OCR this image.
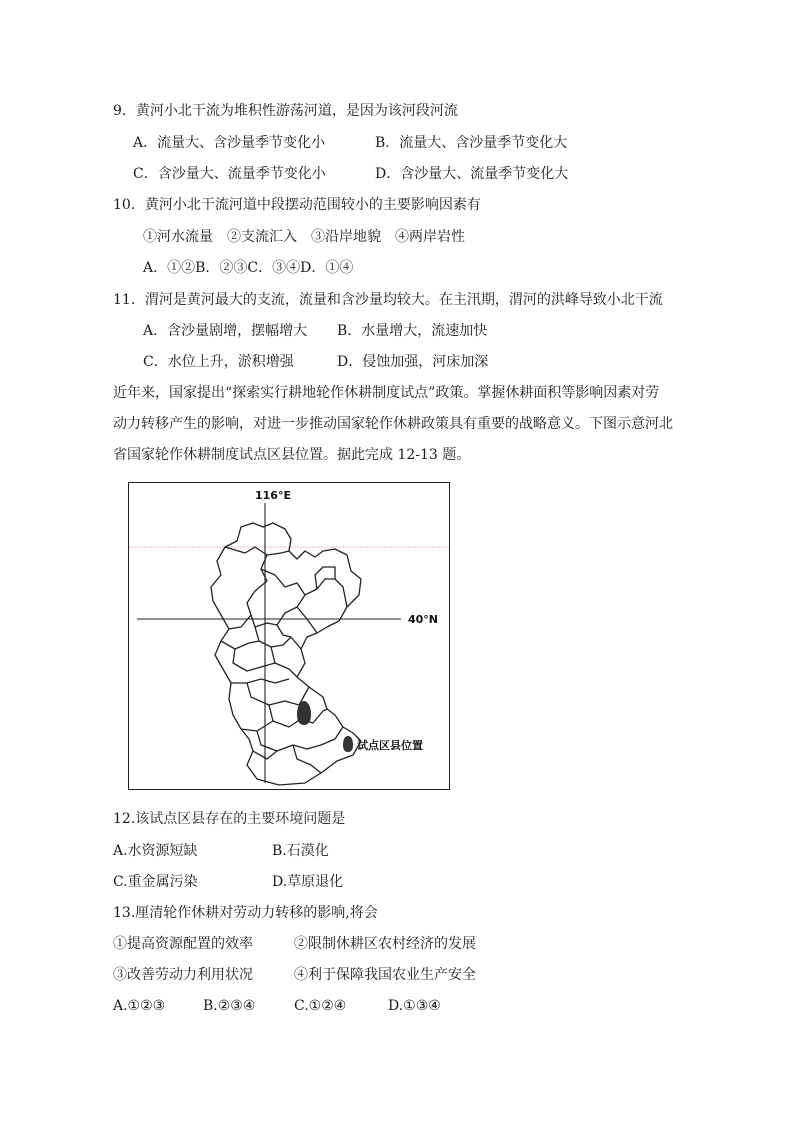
9．黄河小北干流为堆积性游荡河道，是因为该河段河流
A．流量大、含沙量季节变化小	B．流量大、含沙量季节变化大
C．含沙量大、流量季节变化小	D．含沙量大、流量季节变化大
10．黄河小北干流河道中段摆动范围较小的主要影响因素有
①河水流量　②支流汇入　③沿岸地貌　④两岸岩性
A．①②B．②③C．③④D．①④
11．渭河是黄河最大的支流，流量和含沙量均较大。在主汛期，渭河的洪峰导致小北干流
A．含沙量剧增，摆幅增大 B．水量增大，流速加快
C．水位上升，淤积增强	D．侵蚀加强，河床加深
近年来，国家提出“探索实行耕地轮作休耕制度试点”政策。掌握休耕面积等影响因素对劳
动力转移产生的影响，对进一步推动国家轮作休耕政策具有重要的战略意义。下图示意河北
省国家轮作休耕制度试点区县位置。据此完成 12-13 题。
116°E
40°N
试点区县位置
12.该试点区县存在的主要环境问题是
A.水资源短缺	B.石漠化
C.重金属污染	D.草原退化
13.厘清轮作休耕对劳动力转移的影响,将会
①提高资源配置的效率	②限制休耕区农村经济的发展
③改善劳动力利用状况	④利于保障我国农业生产安全
A.①②③	B.②③④	C.①②④	D.①③④
